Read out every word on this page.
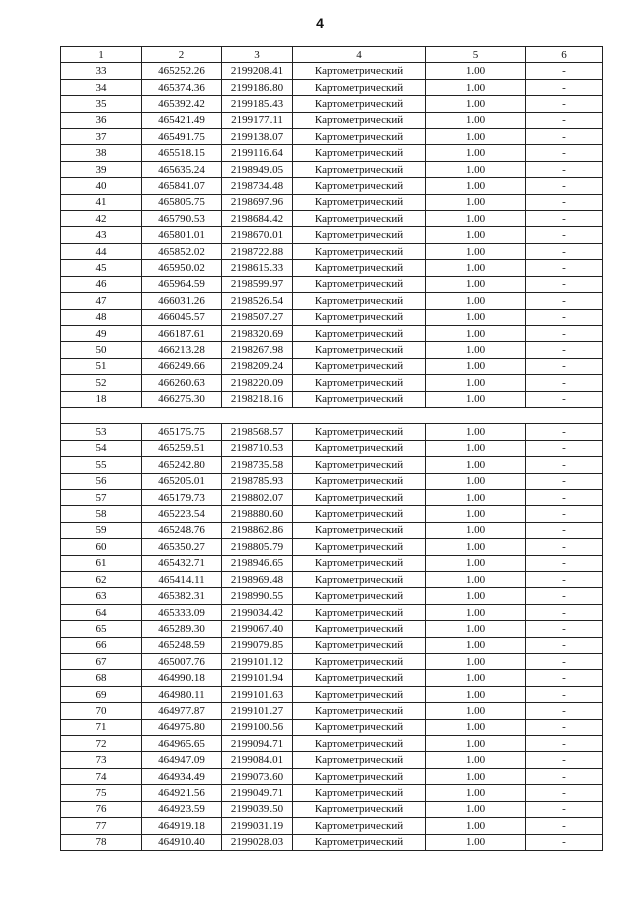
4
1	2	3	4	5	6
33	465252.26	2199208.41	Картометрический	1.00	-
34	465374.36	2199186.80	Картометрический	1.00	-
35	465392.42	2199185.43	Картометрический	1.00	-
36	465421.49	2199177.11	Картометрический	1.00	-
37	465491.75	2199138.07	Картометрический	1.00	-
38	465518.15	2199116.64	Картометрический	1.00	-
39	465635.24	2198949.05	Картометрический	1.00	-
40	465841.07	2198734.48	Картометрический	1.00	-
41	465805.75	2198697.96	Картометрический	1.00	-
42	465790.53	2198684.42	Картометрический	1.00	-
43	465801.01	2198670.01	Картометрический	1.00	-
44	465852.02	2198722.88	Картометрический	1.00	-
45	465950.02	2198615.33	Картометрический	1.00	-
46	465964.59	2198599.97	Картометрический	1.00	-
47	466031.26	2198526.54	Картометрический	1.00	-
48	466045.57	2198507.27	Картометрический	1.00	-
49	466187.61	2198320.69	Картометрический	1.00	-
50	466213.28	2198267.98	Картометрический	1.00	-
51	466249.66	2198209.24	Картометрический	1.00	-
52	466260.63	2198220.09	Картометрический	1.00	-
18	466275.30	2198218.16	Картометрический	1.00	-

53	465175.75	2198568.57	Картометрический	1.00	-
54	465259.51	2198710.53	Картометрический	1.00	-
55	465242.80	2198735.58	Картометрический	1.00	-
56	465205.01	2198785.93	Картометрический	1.00	-
57	465179.73	2198802.07	Картометрический	1.00	-
58	465223.54	2198880.60	Картометрический	1.00	-
59	465248.76	2198862.86	Картометрический	1.00	-
60	465350.27	2198805.79	Картометрический	1.00	-
61	465432.71	2198946.65	Картометрический	1.00	-
62	465414.11	2198969.48	Картометрический	1.00	-
63	465382.31	2198990.55	Картометрический	1.00	-
64	465333.09	2199034.42	Картометрический	1.00	-
65	465289.30	2199067.40	Картометрический	1.00	-
66	465248.59	2199079.85	Картометрический	1.00	-
67	465007.76	2199101.12	Картометрический	1.00	-
68	464990.18	2199101.94	Картометрический	1.00	-
69	464980.11	2199101.63	Картометрический	1.00	-
70	464977.87	2199101.27	Картометрический	1.00	-
71	464975.80	2199100.56	Картометрический	1.00	-
72	464965.65	2199094.71	Картометрический	1.00	-
73	464947.09	2199084.01	Картометрический	1.00	-
74	464934.49	2199073.60	Картометрический	1.00	-
75	464921.56	2199049.71	Картометрический	1.00	-
76	464923.59	2199039.50	Картометрический	1.00	-
77	464919.18	2199031.19	Картометрический	1.00	-
78	464910.40	2199028.03	Картометрический	1.00	-
